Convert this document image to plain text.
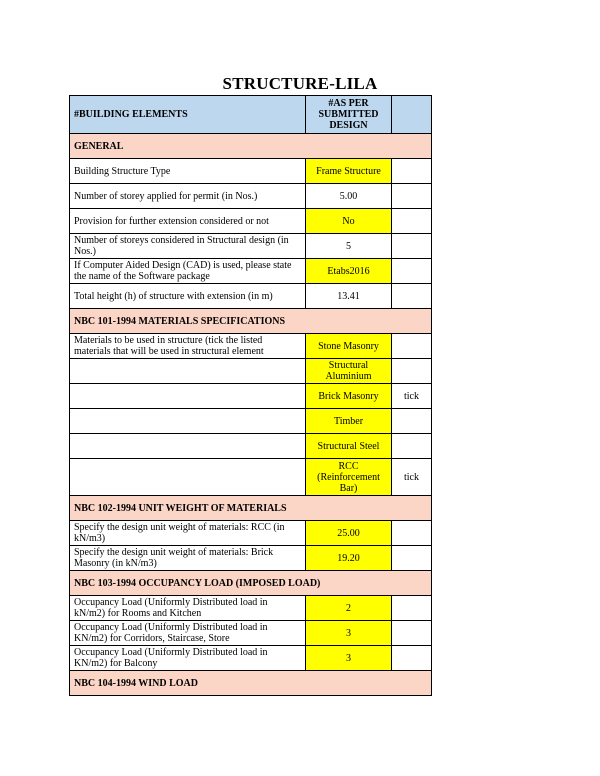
STRUCTURE-LILA
#BUILDING ELEMENTS	#AS PER SUBMITTED DESIGN	
GENERAL		
Building Structure Type	Frame Structure	
Number of storey applied for permit (in Nos.)	5.00	
Provision for further extension considered or not	No	
Number of storeys considered in Structural design (in Nos.)	5	
If Computer Aided Design (CAD) is used, please state the name of the Software package	Etabs2016	
Total height (h) of structure with extension (in m)	13.41	
NBC 101-1994 MATERIALS SPECIFICATIONS		
Materials to be used in structure (tick the listed materials that will be used in structural element	Stone Masonry	
	Structural Aluminium	
	Brick Masonry	tick
	Timber	
	Structural Steel	
	RCC (Reinforcement Bar)	tick
NBC 102-1994 UNIT WEIGHT OF MATERIALS		
Specify the design unit weight of materials: RCC (in kN/m3)	25.00	
Specify the design unit weight of materials: Brick Masonry (in kN/m3)	19.20	
NBC 103-1994 OCCUPANCY LOAD (IMPOSED LOAD)		
Occupancy Load (Uniformly Distributed load in kN/m2) for Rooms and Kitchen	2	
Occupancy Load (Uniformly Distributed load in KN/m2) for Corridors, Staircase, Store	3	
Occupancy Load (Uniformly Distributed load in KN/m2) for Balcony	3	
NBC 104-1994 WIND LOAD		
